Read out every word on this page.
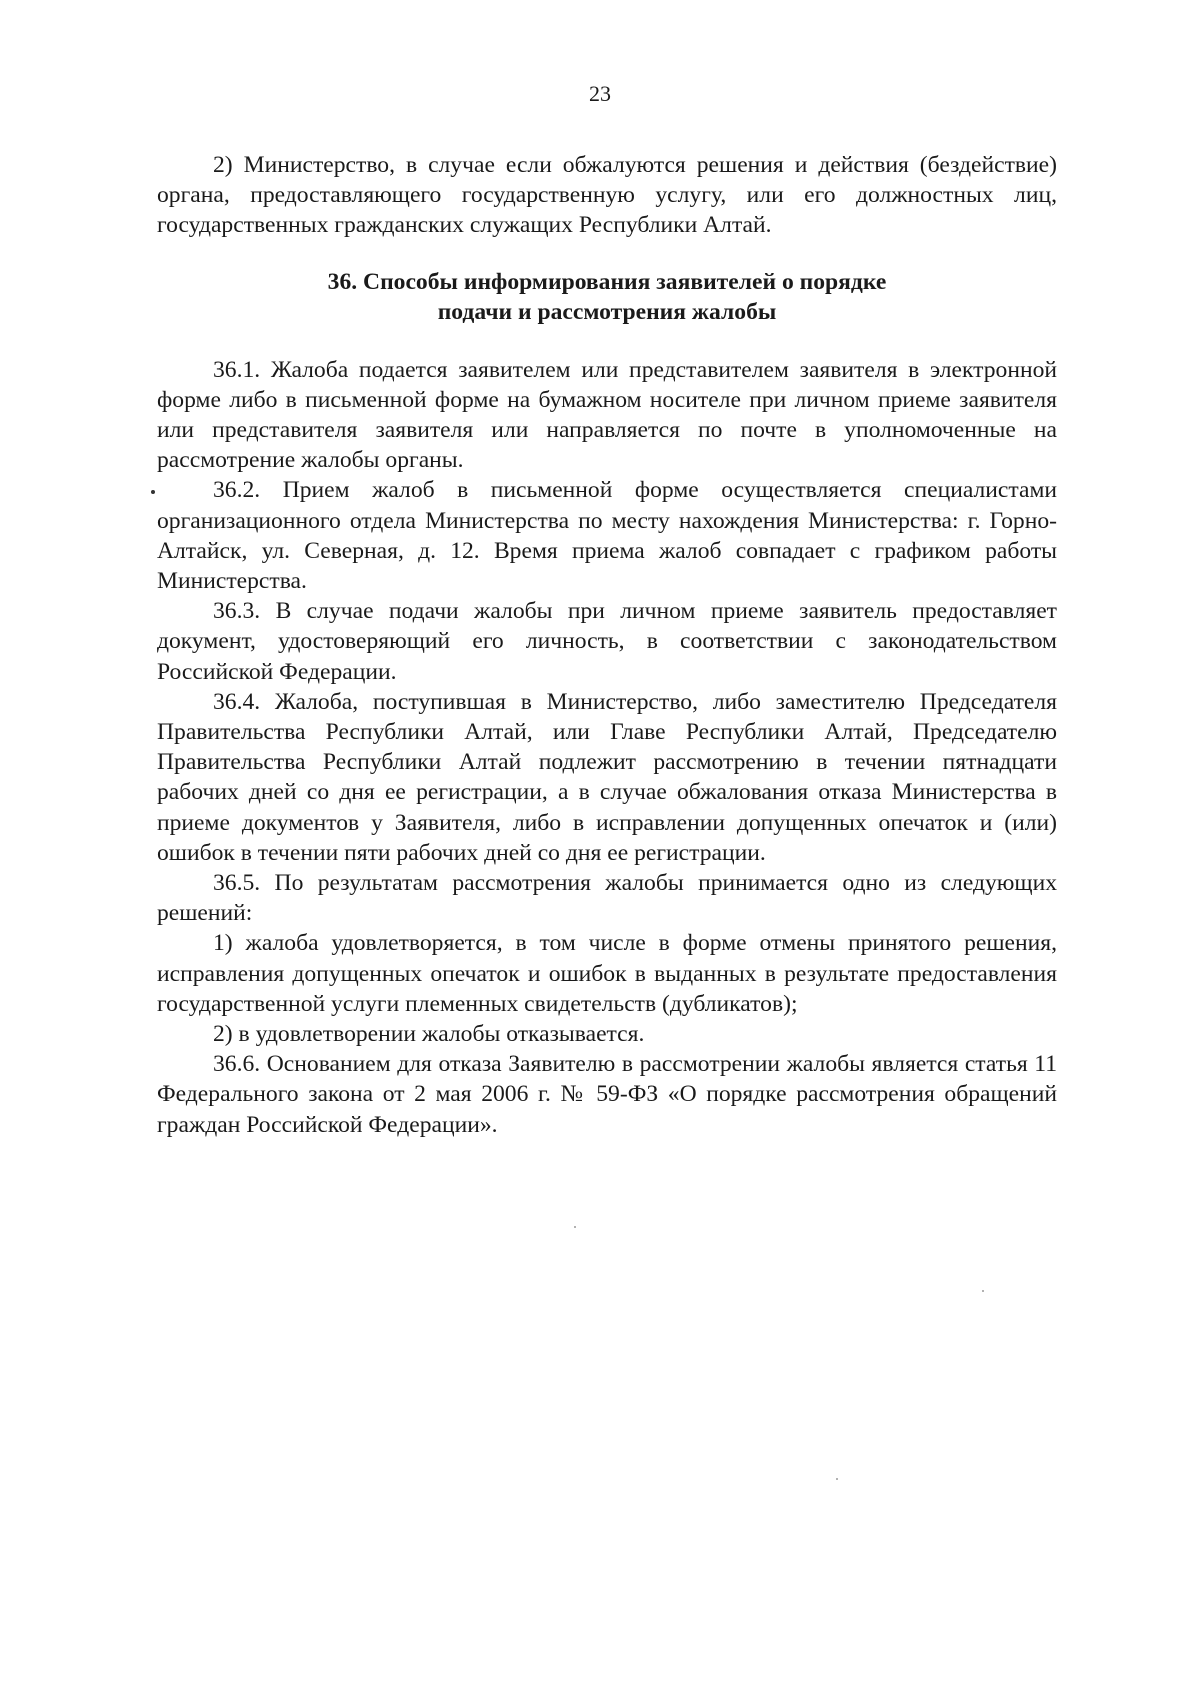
23

2) Министерство, в случае если обжалуются решения и действия (бездействие) органа, предоставляющего государственную услугу, или его должностных лиц, государственных гражданских служащих Республики Алтай.

36. Способы информирования заявителей о порядке
подачи и рассмотрения жалобы

36.1. Жалоба подается заявителем или представителем заявителя в электронной форме либо в письменной форме на бумажном носителе при личном приеме заявителя или представителя заявителя или направляется по почте в уполномоченные на рассмотрение жалобы органы.

36.2. Прием жалоб в письменной форме осуществляется специалистами организационного отдела Министерства по месту нахождения Министерства: г. Горно-Алтайск, ул. Северная, д. 12. Время приема жалоб совпадает с графиком работы Министерства.

36.3. В случае подачи жалобы при личном приеме заявитель предоставляет документ, удостоверяющий его личность, в соответствии с законодательством Российской Федерации.

36.4. Жалоба, поступившая в Министерство, либо заместителю Председателя Правительства Республики Алтай, или Главе Республики Алтай, Председателю Правительства Республики Алтай подлежит рассмотрению в течении пятнадцати рабочих дней со дня ее регистрации, а в случае обжалования отказа Министерства в приеме документов у Заявителя, либо в исправлении допущенных опечаток и (или) ошибок в течении пяти рабочих дней со дня ее регистрации.

36.5. По результатам рассмотрения жалобы принимается одно из следующих решений:

1) жалоба удовлетворяется, в том числе в форме отмены принятого решения, исправления допущенных опечаток и ошибок в выданных в результате предоставления государственной услуги племенных свидетельств (дубликатов);

2) в удовлетворении жалобы отказывается.

36.6. Основанием для отказа Заявителю в рассмотрении жалобы является статья 11 Федерального закона от 2 мая 2006 г. № 59-ФЗ «О порядке рассмотрения обращений граждан Российской Федерации».
